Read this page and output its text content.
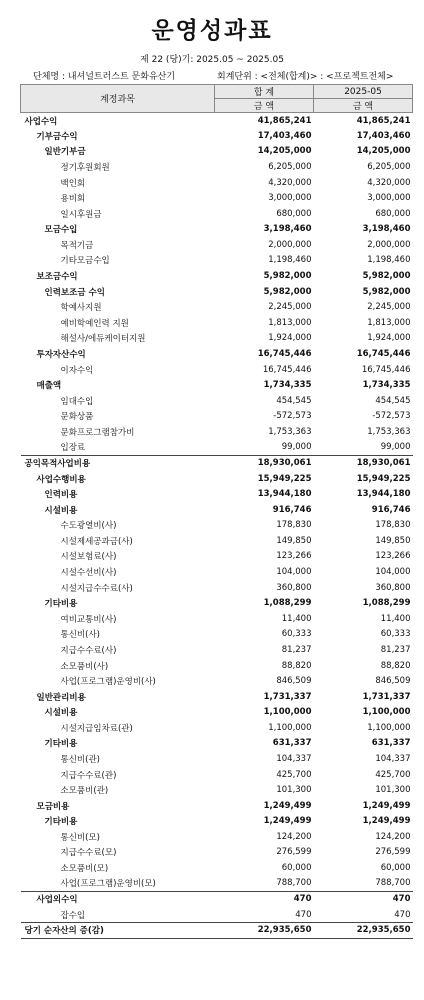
운영성과표
제 22 (당)기: 2025.05 ~ 2025.05
단체명 : 내셔널트러스트 문화유산기	회계단위 : <전체(합계)> : <프로젝트전체>
계정과목	합 계	2025-05
	금 액	금 액
사업수익	41,865,241	41,865,241
기부금수익	17,403,460	17,403,460
일반기부금	14,205,000	14,205,000
정기후원회원	6,205,000	6,205,000
백인회	4,320,000	4,320,000
용비회	3,000,000	3,000,000
일시후원금	680,000	680,000
모금수입	3,198,460	3,198,460
목적기금	2,000,000	2,000,000
기타모금수입	1,198,460	1,198,460
보조금수익	5,982,000	5,982,000
인력보조금 수익	5,982,000	5,982,000
학예사지원	2,245,000	2,245,000
예비학예인력 지원	1,813,000	1,813,000
해설사/에듀케이터지원	1,924,000	1,924,000
투자자산수익	16,745,446	16,745,446
이자수익	16,745,446	16,745,446
매출액	1,734,335	1,734,335
임대수입	454,545	454,545
문화상품	-572,573	-572,573
문화프로그램참가비	1,753,363	1,753,363
입장료	99,000	99,000
공익목적사업비용	18,930,061	18,930,061
사업수행비용	15,949,225	15,949,225
인력비용	13,944,180	13,944,180
시설비용	916,746	916,746
수도광열비(사)	178,830	178,830
시설제세공과금(사)	149,850	149,850
시설보험료(사)	123,266	123,266
시설수선비(사)	104,000	104,000
시설지급수수료(사)	360,800	360,800
기타비용	1,088,299	1,088,299
여비교통비(사)	11,400	11,400
통신비(사)	60,333	60,333
지급수수료(사)	81,237	81,237
소모품비(사)	88,820	88,820
사업(프로그램)운영비(사)	846,509	846,509
일반관리비용	1,731,337	1,731,337
시설비용	1,100,000	1,100,000
시설지급임차료(관)	1,100,000	1,100,000
기타비용	631,337	631,337
통신비(관)	104,337	104,337
지급수수료(관)	425,700	425,700
소모품비(관)	101,300	101,300
모금비용	1,249,499	1,249,499
기타비용	1,249,499	1,249,499
통신비(모)	124,200	124,200
지급수수료(모)	276,599	276,599
소모품비(모)	60,000	60,000
사업(프로그램)운영비(모)	788,700	788,700
사업외수익	470	470
잡수입	470	470
당기 순자산의 증(감)	22,935,650	22,935,650
